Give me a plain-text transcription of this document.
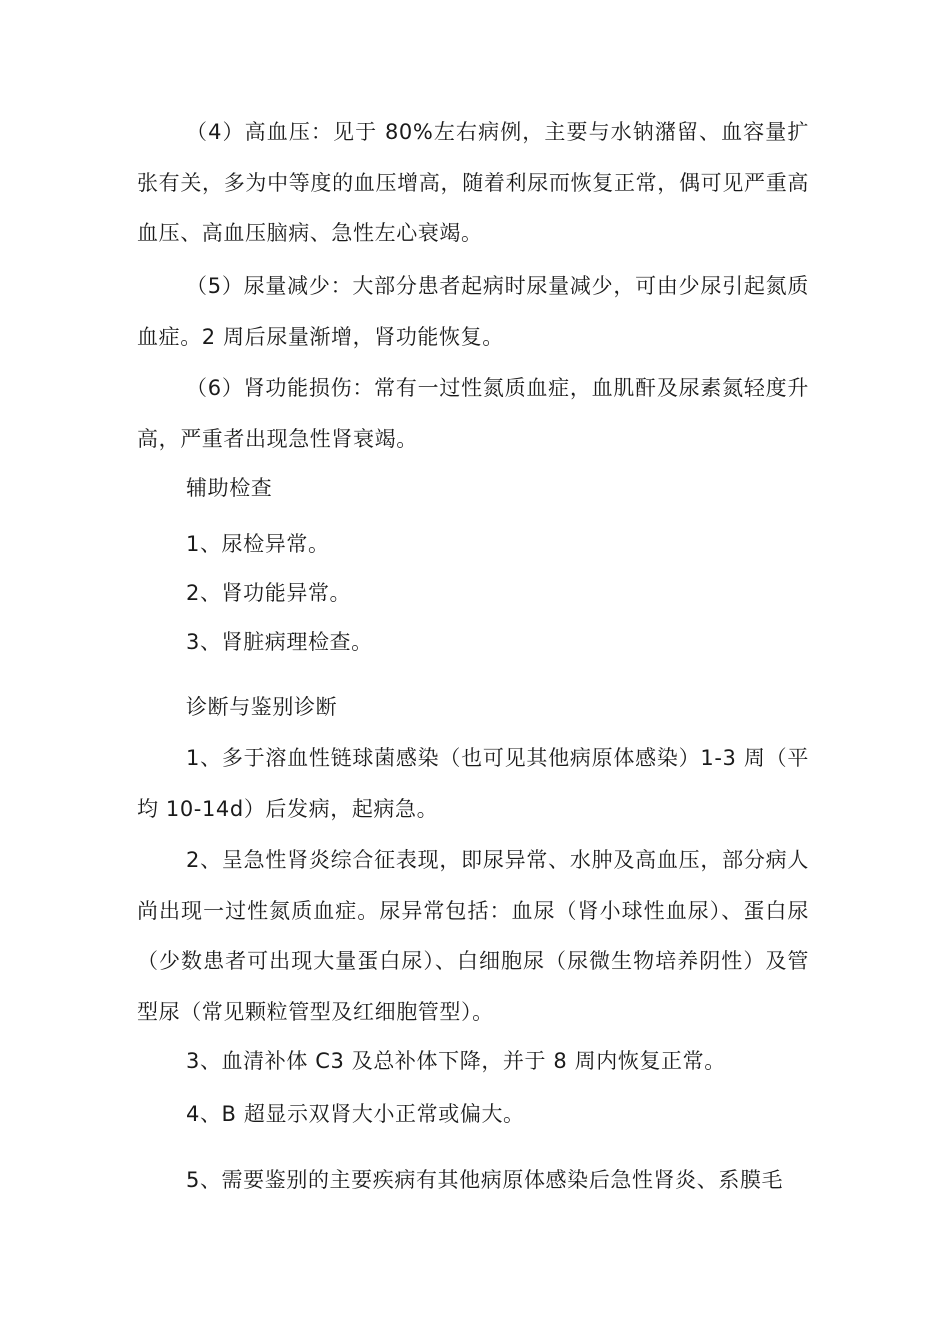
（4）高血压：见于 80%左右病例，主要与水钠潴留、血容量扩张有关，多为中等度的血压增高，随着利尿而恢复正常，偶可见严重高血压、高血压脑病、急性左心衰竭。

（5）尿量减少：大部分患者起病时尿量减少，可由少尿引起氮质血症。2 周后尿量渐增，肾功能恢复。

（6）肾功能损伤：常有一过性氮质血症，血肌酐及尿素氮轻度升高，严重者出现急性肾衰竭。

辅助检查

1、尿检异常。

2、肾功能异常。

3、肾脏病理检查。

诊断与鉴别诊断

1、多于溶血性链球菌感染（也可见其他病原体感染）1-3 周（平均 10-14d）后发病，起病急。

2、呈急性肾炎综合征表现，即尿异常、水肿及高血压，部分病人尚出现一过性氮质血症。尿异常包括：血尿（肾小球性血尿）、蛋白尿（少数患者可出现大量蛋白尿）、白细胞尿（尿微生物培养阴性）及管型尿（常见颗粒管型及红细胞管型）。

3、血清补体 C3 及总补体下降，并于 8 周内恢复正常。

4、B 超显示双肾大小正常或偏大。

5、需要鉴别的主要疾病有其他病原体感染后急性肾炎、系膜毛
